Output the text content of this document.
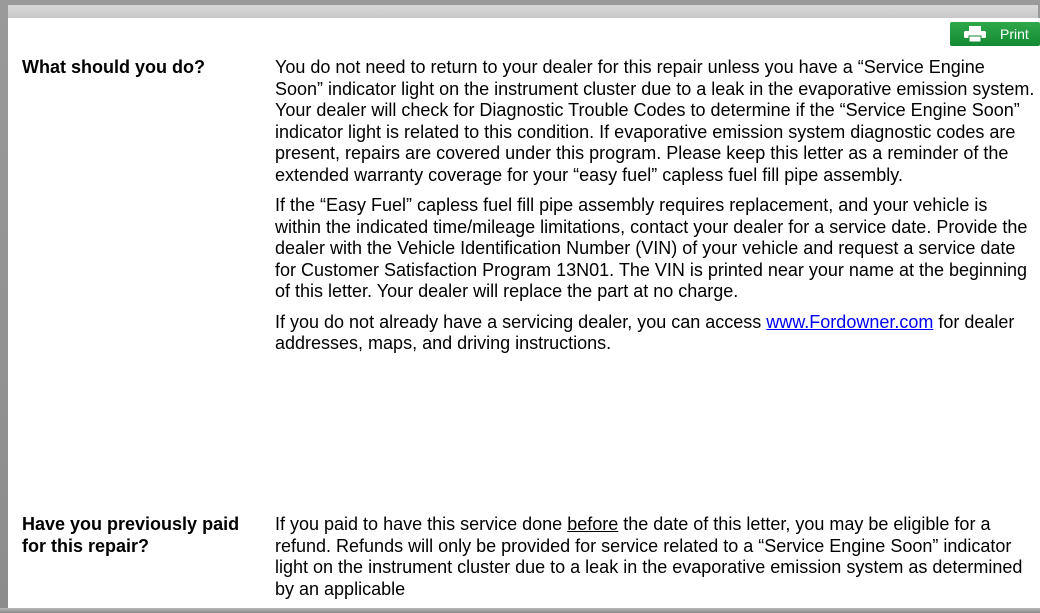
Print
What should you do?	You do not need to return to your dealer for this repair unless you have a “Service Engine Soon” indicator light on the instrument cluster due to a leak in the evaporative emission system. Your dealer will check for Diagnostic Trouble Codes to determine if the “Service Engine Soon” indicator light is related to this condition. If evaporative emission system diagnostic codes are present, repairs are covered under this program. Please keep this letter as a reminder of the extended warranty coverage for your “easy fuel” capless fuel fill pipe assembly.

If the “Easy Fuel” capless fuel fill pipe assembly requires replacement, and your vehicle is within the indicated time/mileage limitations, contact your dealer for a service date. Provide the dealer with the Vehicle Identification Number (VIN) of your vehicle and request a service date for Customer Satisfaction Program 13N01. The VIN is printed near your name at the beginning of this letter. Your dealer will replace the part at no charge.

If you do not already have a servicing dealer, you can access www.Fordowner.com for dealer addresses, maps, and driving instructions.

Have you previously paid for this repair?

If you paid to have this service done before the date of this letter, you may be eligible for a refund. Refunds will only be provided for service related to a “Service Engine Soon” indicator light on the instrument cluster due to a leak in the evaporative emission system as determined by an applicable
